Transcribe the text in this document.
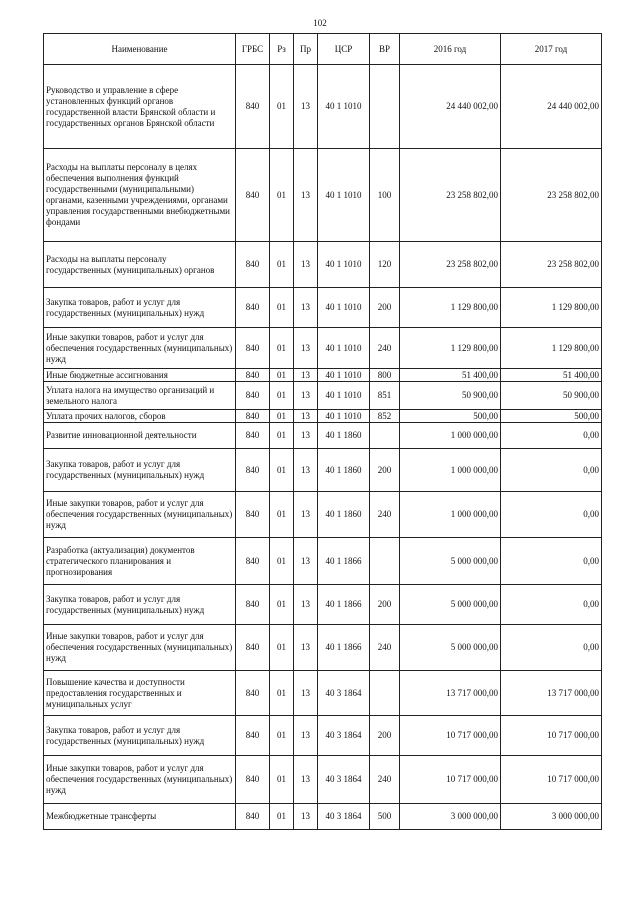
102
Наименование	ГРБС	Рз	Пр	ЦСР	ВР	2016 год	2017 год
Руководство и управление в сфере установленных функций органов государственной власти Брянской области и государственных органов Брянской области	840	01	13	40 1 1010		24 440 002,00	24 440 002,00
Расходы на выплаты персоналу в целях обеспечения выполнения функций государственными (муниципальными) органами, казенными учреждениями, органами управления государственными внебюджетными фондами	840	01	13	40 1 1010	100	23 258 802,00	23 258 802,00
Расходы на выплаты персоналу государственных (муниципальных) органов	840	01	13	40 1 1010	120	23 258 802,00	23 258 802,00
Закупка товаров, работ и услуг для государственных (муниципальных) нужд	840	01	13	40 1 1010	200	1 129 800,00	1 129 800,00
Иные закупки товаров, работ и услуг для обеспечения государственных (муниципальных) нужд	840	01	13	40 1 1010	240	1 129 800,00	1 129 800,00
Иные бюджетные ассигнования	840	01	13	40 1 1010	800	51 400,00	51 400,00
Уплата налога на имущество организаций и земельного налога	840	01	13	40 1 1010	851	50 900,00	50 900,00
Уплата прочих налогов, сборов	840	01	13	40 1 1010	852	500,00	500,00
Развитие инновационной деятельности	840	01	13	40 1 1860		1 000 000,00	0,00
Закупка товаров, работ и услуг для государственных (муниципальных) нужд	840	01	13	40 1 1860	200	1 000 000,00	0,00
Иные закупки товаров, работ и услуг для обеспечения государственных (муниципальных) нужд	840	01	13	40 1 1860	240	1 000 000,00	0,00
Разработка (актуализация) документов стратегического планирования и прогнозирования	840	01	13	40 1 1866		5 000 000,00	0,00
Закупка товаров, работ и услуг для государственных (муниципальных) нужд	840	01	13	40 1 1866	200	5 000 000,00	0,00
Иные закупки товаров, работ и услуг для обеспечения государственных (муниципальных) нужд	840	01	13	40 1 1866	240	5 000 000,00	0,00
Повышение качества и доступности предоставления государственных и муниципальных услуг	840	01	13	40 3 1864		13 717 000,00	13 717 000,00
Закупка товаров, работ и услуг для государственных (муниципальных) нужд	840	01	13	40 3 1864	200	10 717 000,00	10 717 000,00
Иные закупки товаров, работ и услуг для обеспечения государственных (муниципальных) нужд	840	01	13	40 3 1864	240	10 717 000,00	10 717 000,00
Межбюджетные трансферты	840	01	13	40 3 1864	500	3 000 000,00	3 000 000,00
